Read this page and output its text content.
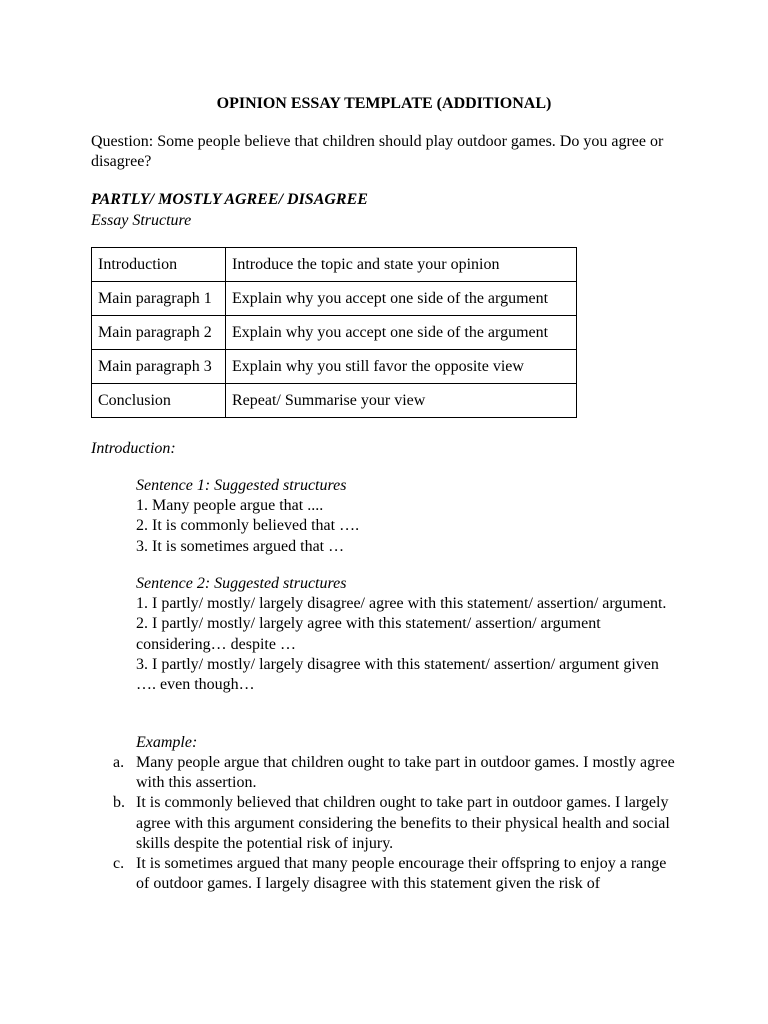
OPINION ESSAY TEMPLATE (ADDITIONAL)
Question: Some people believe that children should play outdoor games. Do you agree or disagree?
PARTLY/ MOSTLY AGREE/ DISAGREE
Essay Structure
Introduction	Introduce the topic and state your opinion
Main paragraph 1	Explain why you accept one side of the argument
Main paragraph 2	Explain why you accept one side of the argument
Main paragraph 3	Explain why you still favor the opposite view
Conclusion	Repeat/ Summarise your view
Introduction:
Sentence 1: Suggested structures
1. Many people argue that ....
2. It is commonly believed that ….
3. It is sometimes argued that …
Sentence 2: Suggested structures
1. I partly/ mostly/ largely disagree/ agree with this statement/ assertion/ argument.
2. I partly/ mostly/ largely agree with this statement/ assertion/ argument considering… despite …
3. I partly/ mostly/ largely disagree with this statement/ assertion/ argument given …. even though…
Example:
a. Many people argue that children ought to take part in outdoor games. I mostly agree with this assertion.
b. It is commonly believed that children ought to take part in outdoor games. I largely agree with this argument considering the benefits to their physical health and social skills despite the potential risk of injury.
c. It is sometimes argued that many people encourage their offspring to enjoy a range of outdoor games. I largely disagree with this statement given the risk of
